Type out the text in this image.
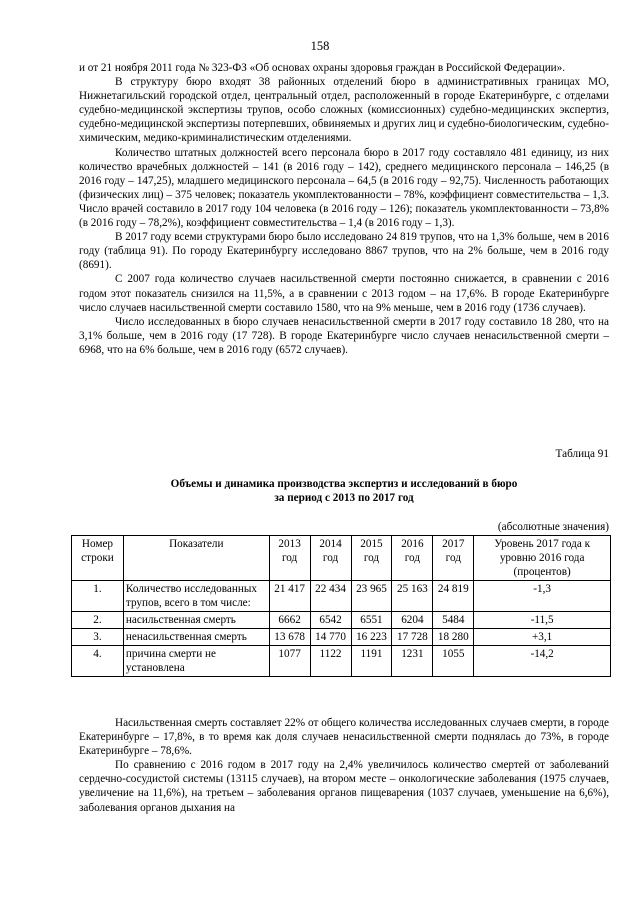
158

и от 21 ноября 2011 года № 323-ФЗ «Об основах охраны здоровья граждан в Российской Федерации».

В структуру бюро входят 38 районных отделений бюро в административных границах МО, Нижнетагильский городской отдел, центральный отдел, расположенный в городе Екатеринбурге, с отделами судебно-медицинской экспертизы трупов, особо сложных (комиссионных) судебно-медицинских экспертиз, судебно-медицинской экспертизы потерпевших, обвиняемых и других лиц и судебно-биологическим, судебно-химическим, медико-криминалистическим отделениями.

Количество штатных должностей всего персонала бюро в 2017 году составляло 481 единицу, из них количество врачебных должностей – 141 (в 2016 году – 142), среднего медицинского персонала – 146,25 (в 2016 году – 147,25), младшего медицинского персонала – 64,5 (в 2016 году – 92,75). Численность работающих (физических лиц) – 375 человек; показатель укомплектованности – 78%, коэффициент совместительства – 1,3. Число врачей составило в 2017 году 104 человека (в 2016 году – 126); показатель укомплектованности – 73,8% (в 2016 году – 78,2%), коэффициент совместительства – 1,4 (в 2016 году – 1,3).

В 2017 году всеми структурами бюро было исследовано 24 819 трупов, что на 1,3% больше, чем в 2016 году (таблица 91). По городу Екатеринбургу исследовано 8867 трупов, что на 2% больше, чем в 2016 году (8691).

С 2007 года количество случаев насильственной смерти постоянно снижается, в сравнении с 2016 годом этот показатель снизился на 11,5%, а в сравнении с 2013 годом – на 17,6%. В городе Екатеринбурге число случаев насильственной смерти составило 1580, что на 9% меньше, чем в 2016 году (1736 случаев).

Число исследованных в бюро случаев ненасильственной смерти в 2017 году составило 18 280, что на 3,1% больше, чем в 2016 году (17 728). В городе Екатеринбурге число случаев ненасильственной смерти – 6968, что на 6% больше, чем в 2016 году (6572 случаев).

Таблица 91
Объемы и динамика производства экспертиз и исследований в бюро
за период с 2013 по 2017 год
(абсолютные значения)
Номер строки	Показатели	2013 год	2014 год	2015 год	2016 год	2017 год	Уровень 2017 года к уровню 2016 года (процентов)
1.	Количество исследованных трупов, всего в том числе:	21 417	22 434	23 965	25 163	24 819	-1,3
2.	насильственная смерть	6662	6542	6551	6204	5484	-11,5
3.	ненасильственная смерть	13 678	14 770	16 223	17 728	18 280	+3,1
4.	причина смерти не установлена	1077	1122	1191	1231	1055	-14,2

Насильственная смерть составляет 22% от общего количества исследованных случаев смерти, в городе Екатеринбурге – 17,8%, в то время как доля случаев ненасильственной смерти поднялась до 73%, в городе Екатеринбурге – 78,6%.

По сравнению с 2016 годом в 2017 году на 2,4% увеличилось количество смертей от заболеваний сердечно-сосудистой системы (13115 случаев), на втором месте – онкологические заболевания (1975 случаев, увеличение на 11,6%), на третьем – заболевания органов пищеварения (1037 случаев, уменьшение на 6,6%), заболевания органов дыхания на
